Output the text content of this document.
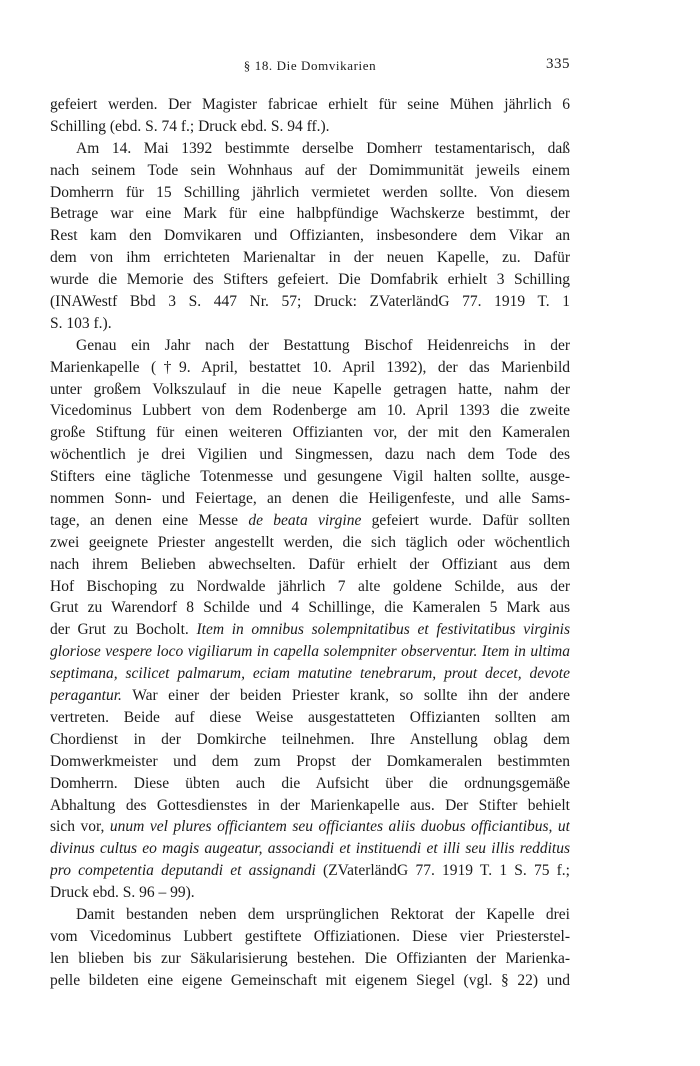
§ 18. Die Domvikarien	335
gefeiert werden. Der Magister fabricae erhielt für seine Mühen jährlich 6
Schilling (ebd. S. 74 f.; Druck ebd. S. 94 ff.).
Am 14. Mai 1392 bestimmte derselbe Domherr testamentarisch, daß
nach seinem Tode sein Wohnhaus auf der Domimmunität jeweils einem
Domherrn für 15 Schilling jährlich vermietet werden sollte. Von diesem
Betrage war eine Mark für eine halbpfündige Wachskerze bestimmt, der
Rest kam den Domvikaren und Offizianten, insbesondere dem Vikar an
dem von ihm errichteten Marienaltar in der neuen Kapelle, zu. Dafür
wurde die Memorie des Stifters gefeiert. Die Domfabrik erhielt 3 Schilling
(INAWestf Bbd 3 S. 447 Nr. 57; Druck: ZVaterländG 77. 1919 T. 1
S. 103 f.).
Genau ein Jahr nach der Bestattung Bischof Heidenreichs in der
Marienkapelle (†9. April, bestattet 10. April 1392), der das Marienbild
unter großem Volkszulauf in die neue Kapelle getragen hatte, nahm der
Vicedominus Lubbert von dem Rodenberge am 10. April 1393 die zweite
große Stiftung für einen weiteren Offizianten vor, der mit den Kameralen
wöchentlich je drei Vigilien und Singmessen, dazu nach dem Tode des
Stifters eine tägliche Totenmesse und gesungene Vigil halten sollte, ausge-
nommen Sonn- und Feiertage, an denen die Heiligenfeste, und alle Sams-
tage, an denen eine Messe de beata virgine gefeiert wurde. Dafür sollten
zwei geeignete Priester angestellt werden, die sich täglich oder wöchentlich
nach ihrem Belieben abwechselten. Dafür erhielt der Offiziant aus dem
Hof Bischoping zu Nordwalde jährlich 7 alte goldene Schilde, aus der
Grut zu Warendorf 8 Schilde und 4 Schillinge, die Kameralen 5 Mark aus
der Grut zu Bocholt. Item in omnibus solempnitatibus et festivitatibus virginis
gloriose vespere loco vigiliarum in capella solempniter observentur. Item in ultima
septimana, scilicet palmarum, eciam matutine tenebrarum, prout decet, devote
peragantur. War einer der beiden Priester krank, so sollte ihn der andere
vertreten. Beide auf diese Weise ausgestatteten Offizianten sollten am
Chordienst in der Domkirche teilnehmen. Ihre Anstellung oblag dem
Domwerkmeister und dem zum Propst der Domkameralen bestimmten
Domherrn. Diese übten auch die Aufsicht über die ordnungsgemäße
Abhaltung des Gottesdienstes in der Marienkapelle aus. Der Stifter behielt
sich vor, unum vel plures officiantem seu officiantes aliis duobus officiantibus, ut
divinus cultus eo magis augeatur, associandi et instituendi et illi seu illis redditus
pro competentia deputandi et assignandi (ZVaterländG 77. 1919 T. 1 S. 75 f.;
Druck ebd. S. 96 – 99).
Damit bestanden neben dem ursprünglichen Rektorat der Kapelle drei
vom Vicedominus Lubbert gestiftete Offiziationen. Diese vier Priesterstel-
len blieben bis zur Säkularisierung bestehen. Die Offizianten der Marienka-
pelle bildeten eine eigene Gemeinschaft mit eigenem Siegel (vgl. § 22) und
